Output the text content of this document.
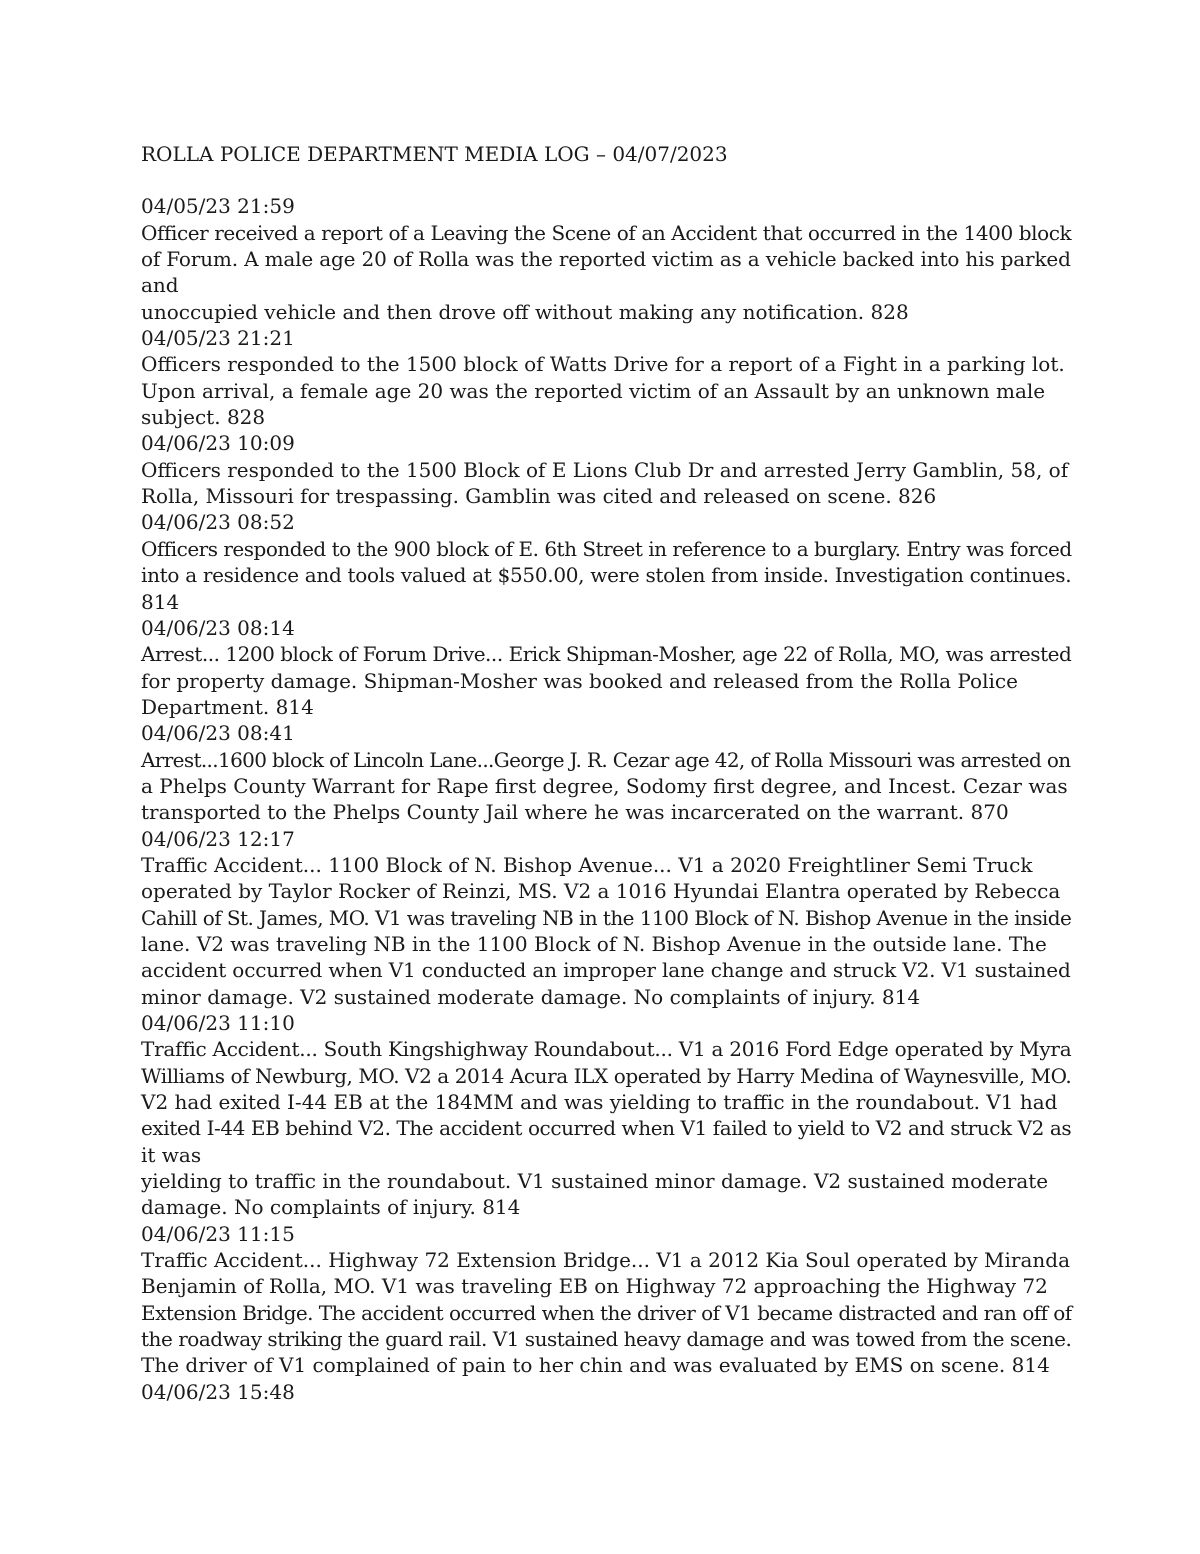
ROLLA POLICE DEPARTMENT MEDIA LOG – 04/07/2023
04/05/23 21:59
Officer received a report of a Leaving the Scene of an Accident that occurred in the 1400 block
of Forum. A male age 20 of Rolla was the reported victim as a vehicle backed into his parked
and
unoccupied vehicle and then drove off without making any notification. 828
04/05/23 21:21
Officers responded to the 1500 block of Watts Drive for a report of a Fight in a parking lot.
Upon arrival, a female age 20 was the reported victim of an Assault by an unknown male
subject. 828
04/06/23 10:09
Officers responded to the 1500 Block of E Lions Club Dr and arrested Jerry Gamblin, 58, of
Rolla, Missouri for trespassing. Gamblin was cited and released on scene. 826
04/06/23 08:52
Officers responded to the 900 block of E. 6th Street in reference to a burglary. Entry was forced
into a residence and tools valued at $550.00, were stolen from inside. Investigation continues.
814
04/06/23 08:14
Arrest... 1200 block of Forum Drive... Erick Shipman-Mosher, age 22 of Rolla, MO, was arrested
for property damage. Shipman-Mosher was booked and released from the Rolla Police
Department. 814
04/06/23 08:41
Arrest...1600 block of Lincoln Lane...George J. R. Cezar age 42, of Rolla Missouri was arrested on
a Phelps County Warrant for Rape first degree, Sodomy first degree, and Incest. Cezar was
transported to the Phelps County Jail where he was incarcerated on the warrant. 870
04/06/23 12:17
Traffic Accident... 1100 Block of N. Bishop Avenue... V1 a 2020 Freightliner Semi Truck
operated by Taylor Rocker of Reinzi, MS. V2 a 1016 Hyundai Elantra operated by Rebecca
Cahill of St. James, MO. V1 was traveling NB in the 1100 Block of N. Bishop Avenue in the inside
lane. V2 was traveling NB in the 1100 Block of N. Bishop Avenue in the outside lane. The
accident occurred when V1 conducted an improper lane change and struck V2. V1 sustained
minor damage. V2 sustained moderate damage. No complaints of injury. 814
04/06/23 11:10
Traffic Accident... South Kingshighway Roundabout... V1 a 2016 Ford Edge operated by Myra
Williams of Newburg, MO. V2 a 2014 Acura ILX operated by Harry Medina of Waynesville, MO.
V2 had exited I-44 EB at the 184MM and was yielding to traffic in the roundabout. V1 had
exited I-44 EB behind V2. The accident occurred when V1 failed to yield to V2 and struck V2 as
it was
yielding to traffic in the roundabout. V1 sustained minor damage. V2 sustained moderate
damage. No complaints of injury. 814
04/06/23 11:15
Traffic Accident... Highway 72 Extension Bridge... V1 a 2012 Kia Soul operated by Miranda
Benjamin of Rolla, MO. V1 was traveling EB on Highway 72 approaching the Highway 72
Extension Bridge. The accident occurred when the driver of V1 became distracted and ran off of
the roadway striking the guard rail. V1 sustained heavy damage and was towed from the scene.
The driver of V1 complained of pain to her chin and was evaluated by EMS on scene. 814
04/06/23 15:48
